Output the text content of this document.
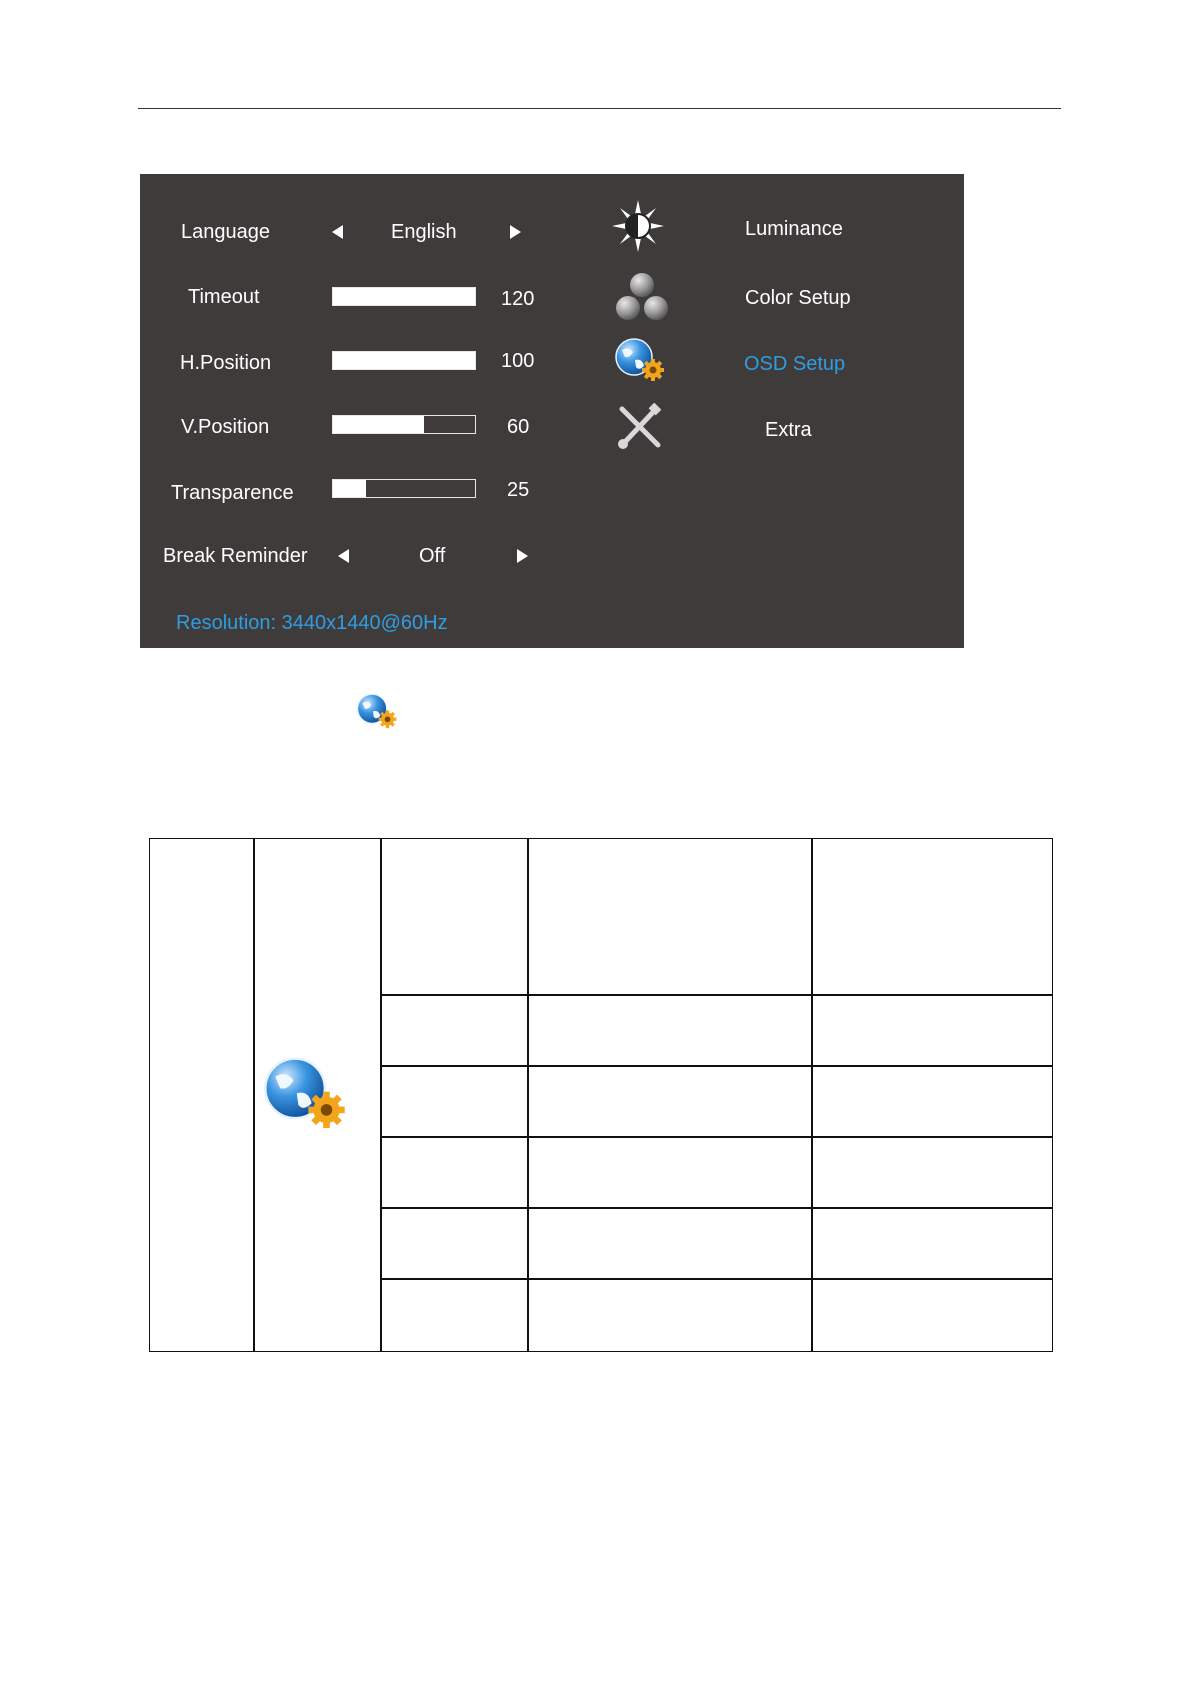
Language	English
Timeout	120
H.Position	100
V.Position	60
Transparence	25
Break Reminder	Off
Resolution: 3440x1440@60Hz
Luminance
Color Setup
OSD Setup
Extra
